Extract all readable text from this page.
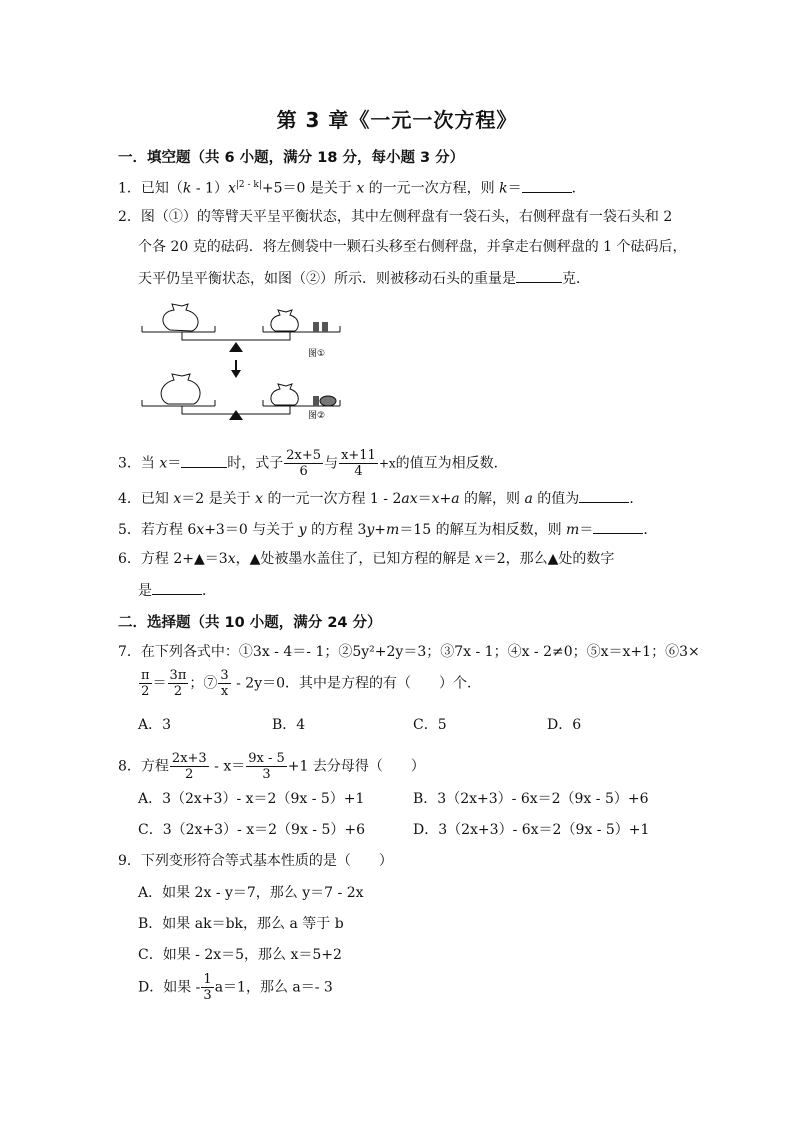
第 3 章《一元一次方程》
一．填空题（共 6 小题，满分 18 分，每小题 3 分）
1．已知$(k - 1)x^{|2 - k|}+5=0$ 是关于 x 的一元一次方程，则 k＝	．
2．图（①）的等臂天平呈平衡状态，其中左侧秤盘有一袋石头，右侧秤盘有一袋石头和 2
个各 20 克的砝码．将左侧袋中一颗石头移至右侧秤盘，并拿走右侧秤盘的 1 个砝码后，
天平仍呈平衡状态，如图（②）所示．则被移动石头的重量是	克．
图①
图②
3．当 x＝	时，式子 $\frac{2x+5}{6}$ 与 $\frac{x+11}{4} +x$的值互为相反数．
4．已知 x＝2 是关于 x 的一元一次方程 1 - 2ax＝x+a 的解，则 a 的值为	．
5．若方程 6x+3＝0 与关于 y 的方程 3y+m＝15 的解互为相反数，则 m＝	．
6．方程 2+▲＝3x，▲处被墨水盖住了，已知方程的解是 x＝2，那么▲处的数字
是	．
二．选择题（共 10 小题，满分 24 分）
7．在下列各式中：①3x - 4＝- 1；②5y²+2y＝3；③7x - 1；④x - 2≠0；⑤x＝x+1；⑥3×
$\frac{\pi}{2} = \frac{3\pi}{2}$ ；⑦ $\frac{3}{x} - 2y=0$．其中是方程的有（　　）个．
A．3	B．4	C．5	D．6
8．方程 $\frac{2x+3}{2} - x= \frac{9x - 5}{3} +1$ 去分母得（　　）
A．3（2x+3）- x＝2（9x - 5）+1	B．3（2x+3）- 6x＝2（9x - 5）+6
C．3（2x+3）- x＝2（9x - 5）+6	D．3（2x+3）- 6x＝2（9x - 5）+1
9．下列变形符合等式基本性质的是（　　）
A．如果 2x - y＝7，那么 y＝7 - 2x
B．如果 ak＝bk，那么 a 等于 b
C．如果 - 2x＝5，那么 x＝5+2
D．如果 - $\frac{1}{3} a=1$，那么 a＝- 3
